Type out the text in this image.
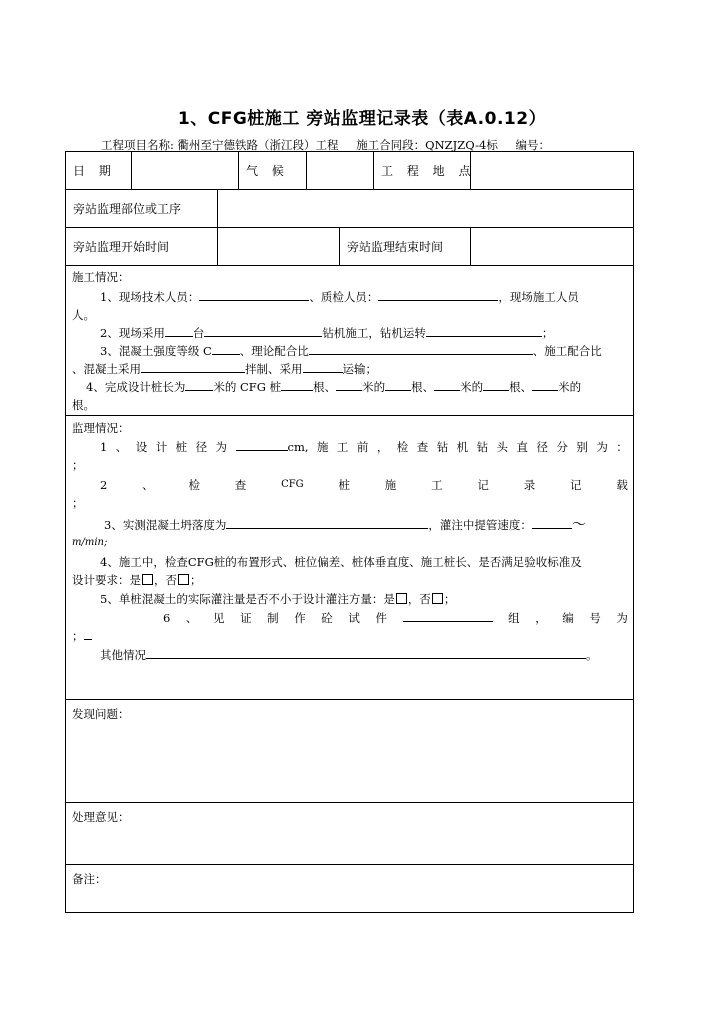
1、CFG桩施工 旁站监理记录表（表A.0.12）
工程项目名称: 衢州至宁德铁路（浙江段）工程 施工合同段：QNZJZQ-4标 编号：
日 期	气 候	工 程 地 点
旁站监理部位或工序
旁站监理开始时间	旁站监理结束时间
施工情况：
1、现场技术人员：	、质检人员：	，现场施工人员
人。
2、现场采用 台	钻机施工，钻机运转	；
3、混凝土强度等级 C 、理论配合比	、施工配合比
、混凝土采用	拌制、采用	运输；
4、完成设计桩长为 米的 CFG 桩	根、 米的 根、 米的 根、 米的
根。
监理情况：
1 、 设 计 桩 径 为	cm, 施 工 前 ， 检 查 钻 机 钻 头 直 径 分 别 为 ：
；
2	、	检	查	CFG	桩	施	工	记	录	记	载
；
3、实测混凝土坍落度为	，灌注中提管速度：	～
m/min;
4、施工中，检查CFG桩的布置形式、桩位偏差、桩体垂直度、施工桩长、是否满足验收标准及
设计要求：是 ，否 ；
5、单桩混凝土的实际灌注量是否不小于设计灌注方量：是 ，否 ；
6 、 见 证 制 作 砼 试 件	组 ， 编 号 为
；
其他情况	。
发现问题：
处理意见：
备注：
